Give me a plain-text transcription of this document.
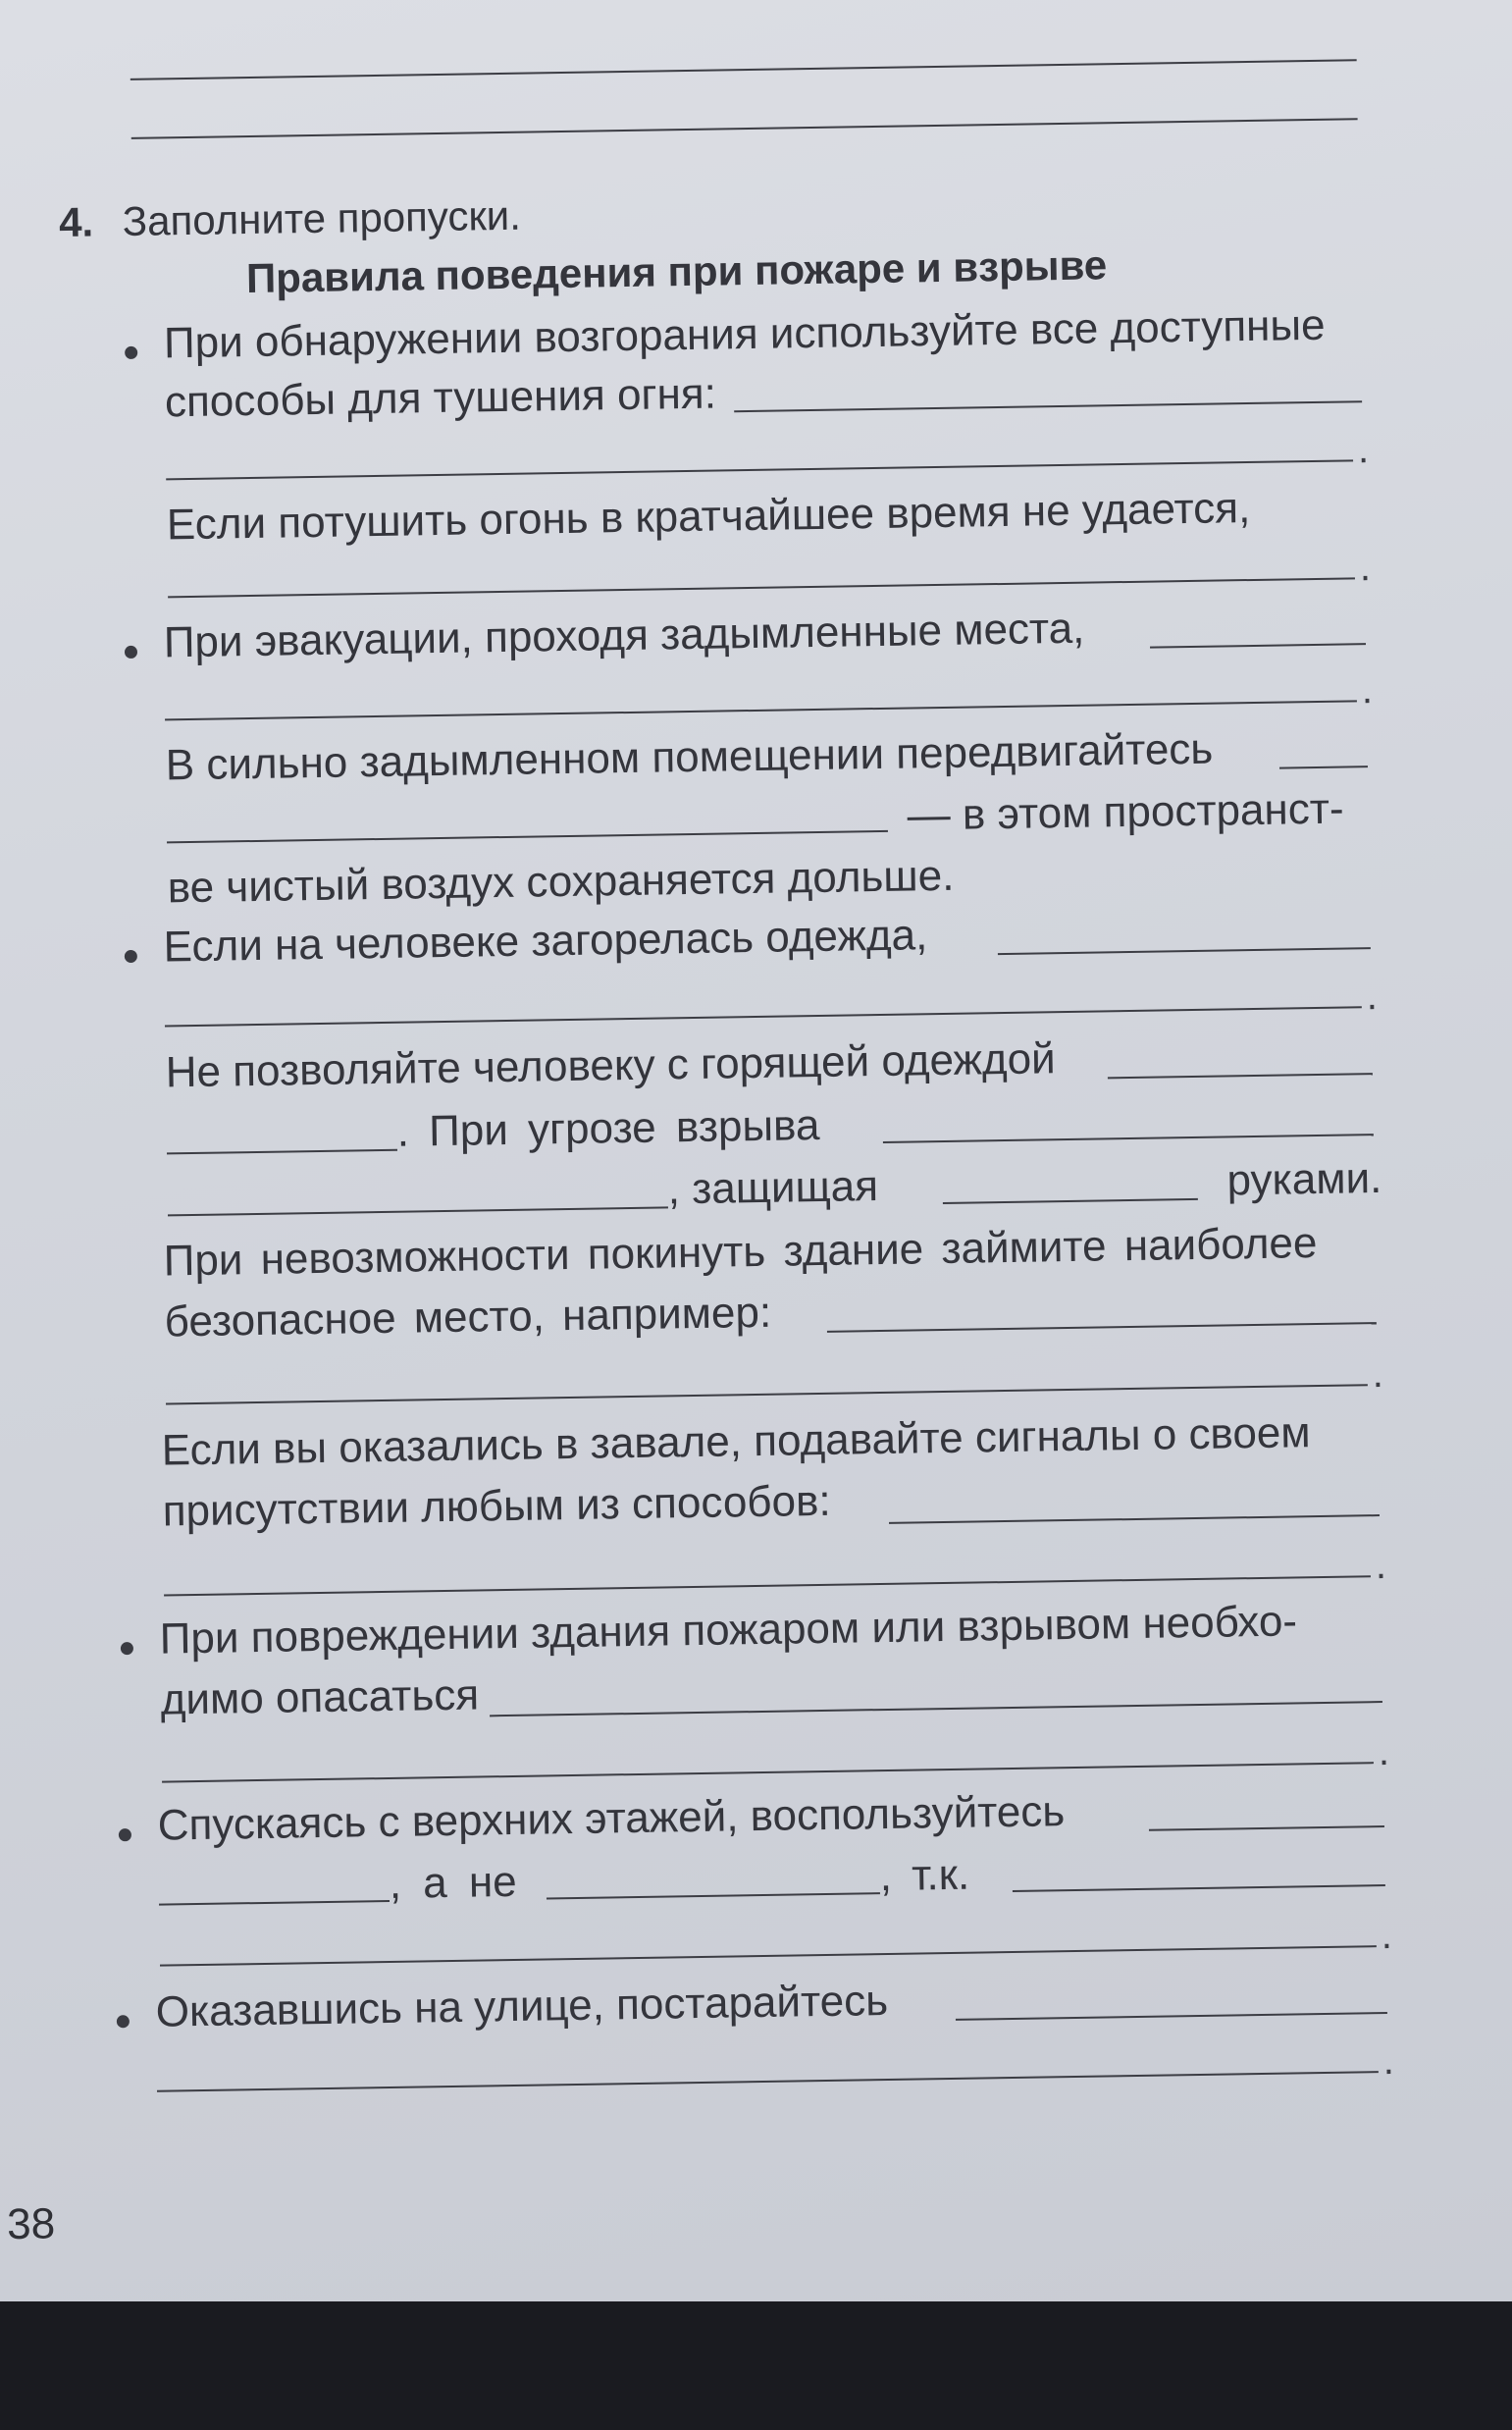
4. Заполните пропуски.
Правила поведения при пожаре и взрыве
При обнаружении возгорания используйте все доступные
способы для тушения огня:
.
Если потушить огонь в кратчайшее время не удается,
.
При эвакуации, проходя задымленные места,
.
В сильно задымленном помещении передвигайтесь
— в этом пространст-
ве чистый воздух сохраняется дольше.
Если на человеке загорелась одежда,
.
Не позволяйте человеку с горящей одеждой
. При угрозе взрыва
, защищая	руками.
При невозможности покинуть здание займите наиболее
безопасное место, например:
.
Если вы оказались в завале, подавайте сигналы о своем
присутствии любым из способов:
.
При повреждении здания пожаром или взрывом необхо-
димо опасаться
.
Спускаясь с верхних этажей, воспользуйтесь
, а не	, т.к.
.
Оказавшись на улице, постарайтесь
.
38
